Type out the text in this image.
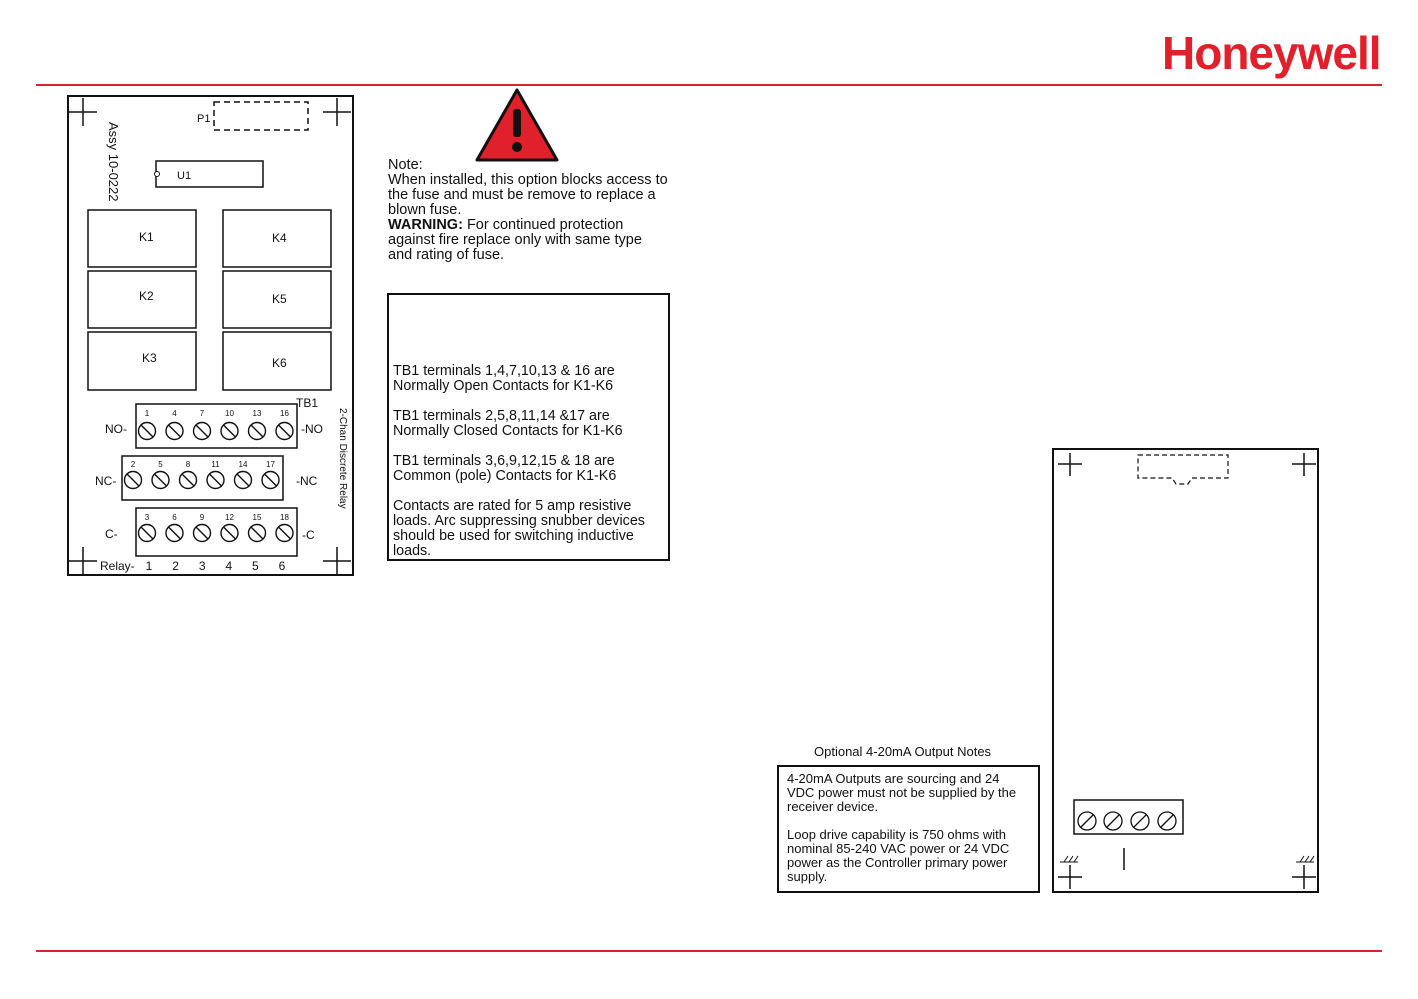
Honeywell
P1
Assy 10-0222	U1
K1
K2
K3
K4
K5
K6
TB1
2-Chan Discrete Relay
1	4	7	10 13 16
2	5	8	11 14 17
3	6	9	12 15 18
NO-	-NO
NC-	-NC
C-	-C
Relay- 1 2 3 4 5 6
Note:
When installed, this option blocks access to the fuse and must be remove to replace a blown fuse.
WARNING: For continued protection against fire replace only with same type and rating of fuse.

TB1 terminals 1,4,7,10,13 & 16 are Normally Open Contacts for K1-K6

TB1 terminals 2,5,8,11,14 &17 are Normally Closed Contacts for K1-K6

TB1 terminals 3,6,9,12,15 & 18 are Common (pole) Contacts for K1-K6

Contacts are rated for 5 amp resistive loads. Arc suppressing snubber devices should be used for switching inductive loads.

Optional 4-20mA Output Notes

4-20mA Outputs are sourcing and 24 VDC power must not be supplied by the receiver device.

Loop drive capability is 750 ohms with nominal 85-240 VAC power or 24 VDC power as the Controller primary power supply.
